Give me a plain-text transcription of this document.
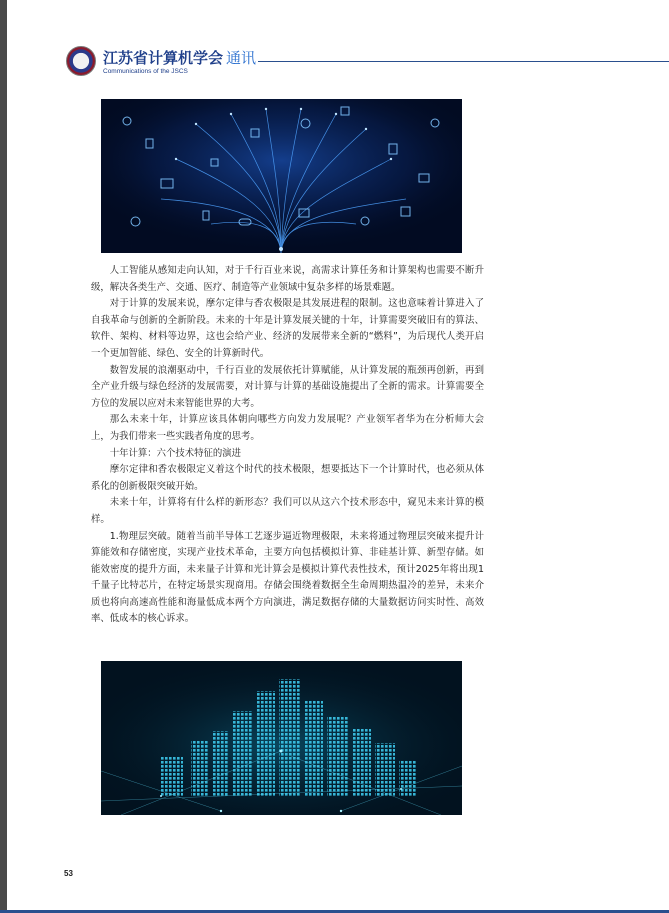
江苏省计算机学会 通讯
Communications of the JSCS

人工智能从感知走向认知，对于千行百业来说，高需求计算任务和计算架构也需要不断升级，解决各类生产、交通、医疗、制造等产业领域中复杂多样的场景难题。

对于计算的发展来说，摩尔定律与香农极限是其发展进程的限制。这也意味着计算进入了自我革命与创新的全新阶段。未来的十年是计算发展关键的十年，计算需要突破旧有的算法、软件、架构、材料等边界，这也会给产业、经济的发展带来全新的“燃料”，为后现代人类开启一个更加智能、绿色、安全的计算新时代。

数智发展的浪潮驱动中，千行百业的发展依托计算赋能，从计算发展的瓶颈再创新，再到全产业升级与绿色经济的发展需要，对计算与计算的基础设施提出了全新的需求。计算需要全方位的发展以应对未来智能世界的大考。

那么未来十年，计算应该具体朝向哪些方向发力发展呢？产业领军者华为在分析师大会上，为我们带来一些实践者角度的思考。

十年计算：六个技术特征的演进

摩尔定律和香农极限定义着这个时代的技术极限，想要抵达下一个计算时代，也必须从体系化的创新极限突破开始。

未来十年，计算将有什么样的新形态？我们可以从这六个技术形态中，窥见未来计算的模样。

1.物理层突破。随着当前半导体工艺逐步逼近物理极限，未来将通过物理层突破来提升计算能效和存储密度，实现产业技术革命，主要方向包括模拟计算、非硅基计算、新型存储。如能效密度的提升方面，未来量子计算和光计算会是模拟计算代表性技术，预计2025年将出现1千量子比特芯片，在特定场景实现商用。存储会围绕着数据全生命周期热温冷的差异，未来介质也将向高速高性能和海量低成本两个方向演进，满足数据存储的大量数据访问实时性、高效率、低成本的核心诉求。

53
